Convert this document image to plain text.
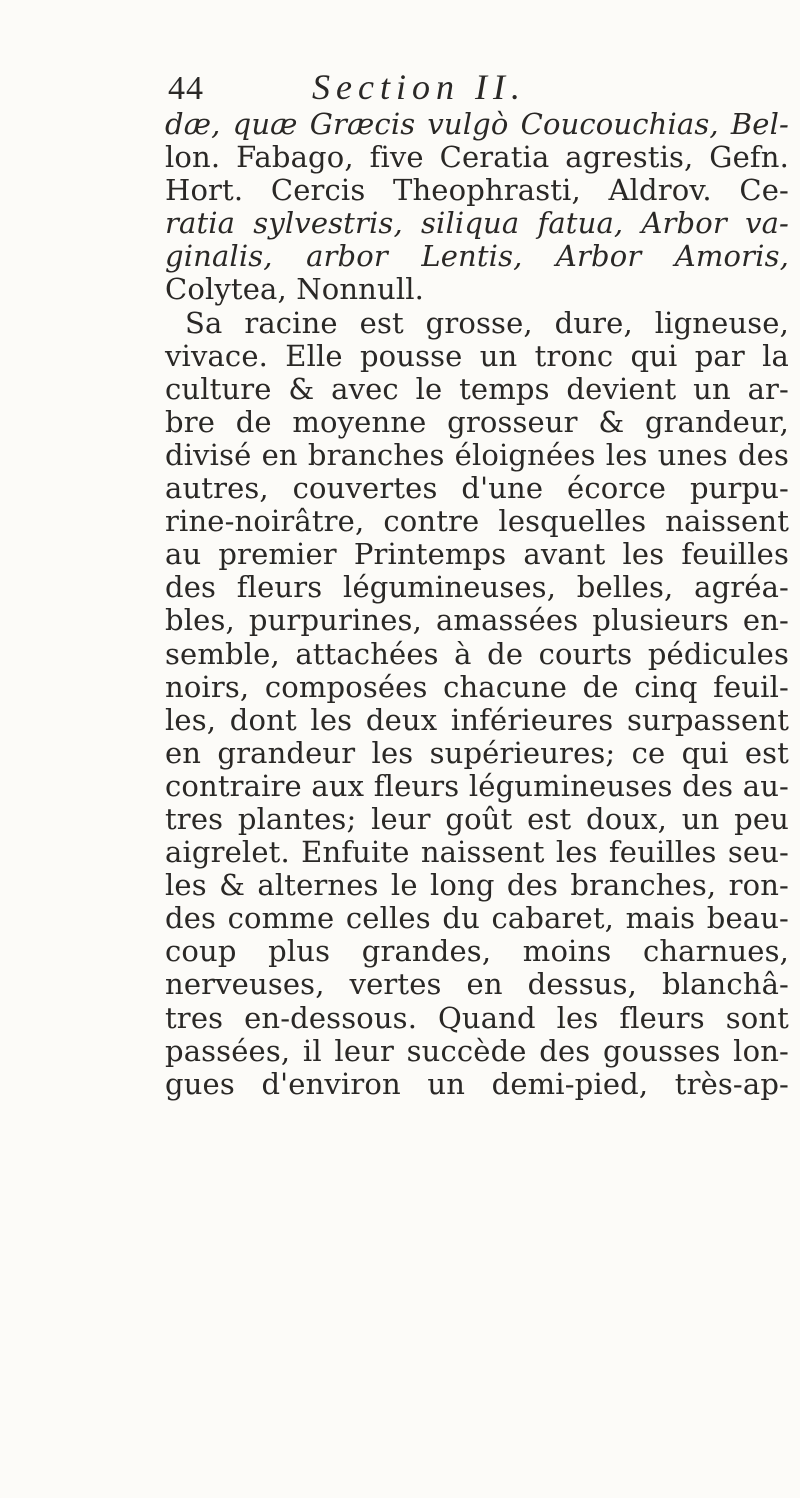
44	Section II.
dæ, quæ Græcis vulgò Coucouchias, Bel-
lon. Fabago, five Ceratia agrestis, Gefn.
Hort. Cercis Theophrasti, Aldrov. Ce-
ratia sylvestris, siliqua fatua, Arbor va-
ginalis, arbor Lentis, Arbor Amoris,
Colytea, Nonnull.
Sa racine est grosse, dure, ligneuse,
vivace. Elle pousse un tronc qui par la
culture & avec le temps devient un ar-
bre de moyenne grosseur & grandeur,
divisé en branches éloignées les unes des
autres, couvertes d'une écorce purpu-
rine-noirâtre, contre lesquelles naissent
au premier Printemps avant les feuilles
des fleurs légumineuses, belles, agréa-
bles, purpurines, amassées plusieurs en-
semble, attachées à de courts pédicules
noirs, composées chacune de cinq feuil-
les, dont les deux inférieures surpassent
en grandeur les supérieures; ce qui est
contraire aux fleurs légumineuses des au-
tres plantes; leur goût est doux, un peu
aigrelet. Enfuite naissent les feuilles seu-
les & alternes le long des branches, ron-
des comme celles du cabaret, mais beau-
coup plus grandes, moins charnues,
nerveuses, vertes en dessus, blanchâ-
tres en-dessous. Quand les fleurs sont
passées, il leur succède des gousses lon-
gues d'environ un demi-pied, très-ap-
